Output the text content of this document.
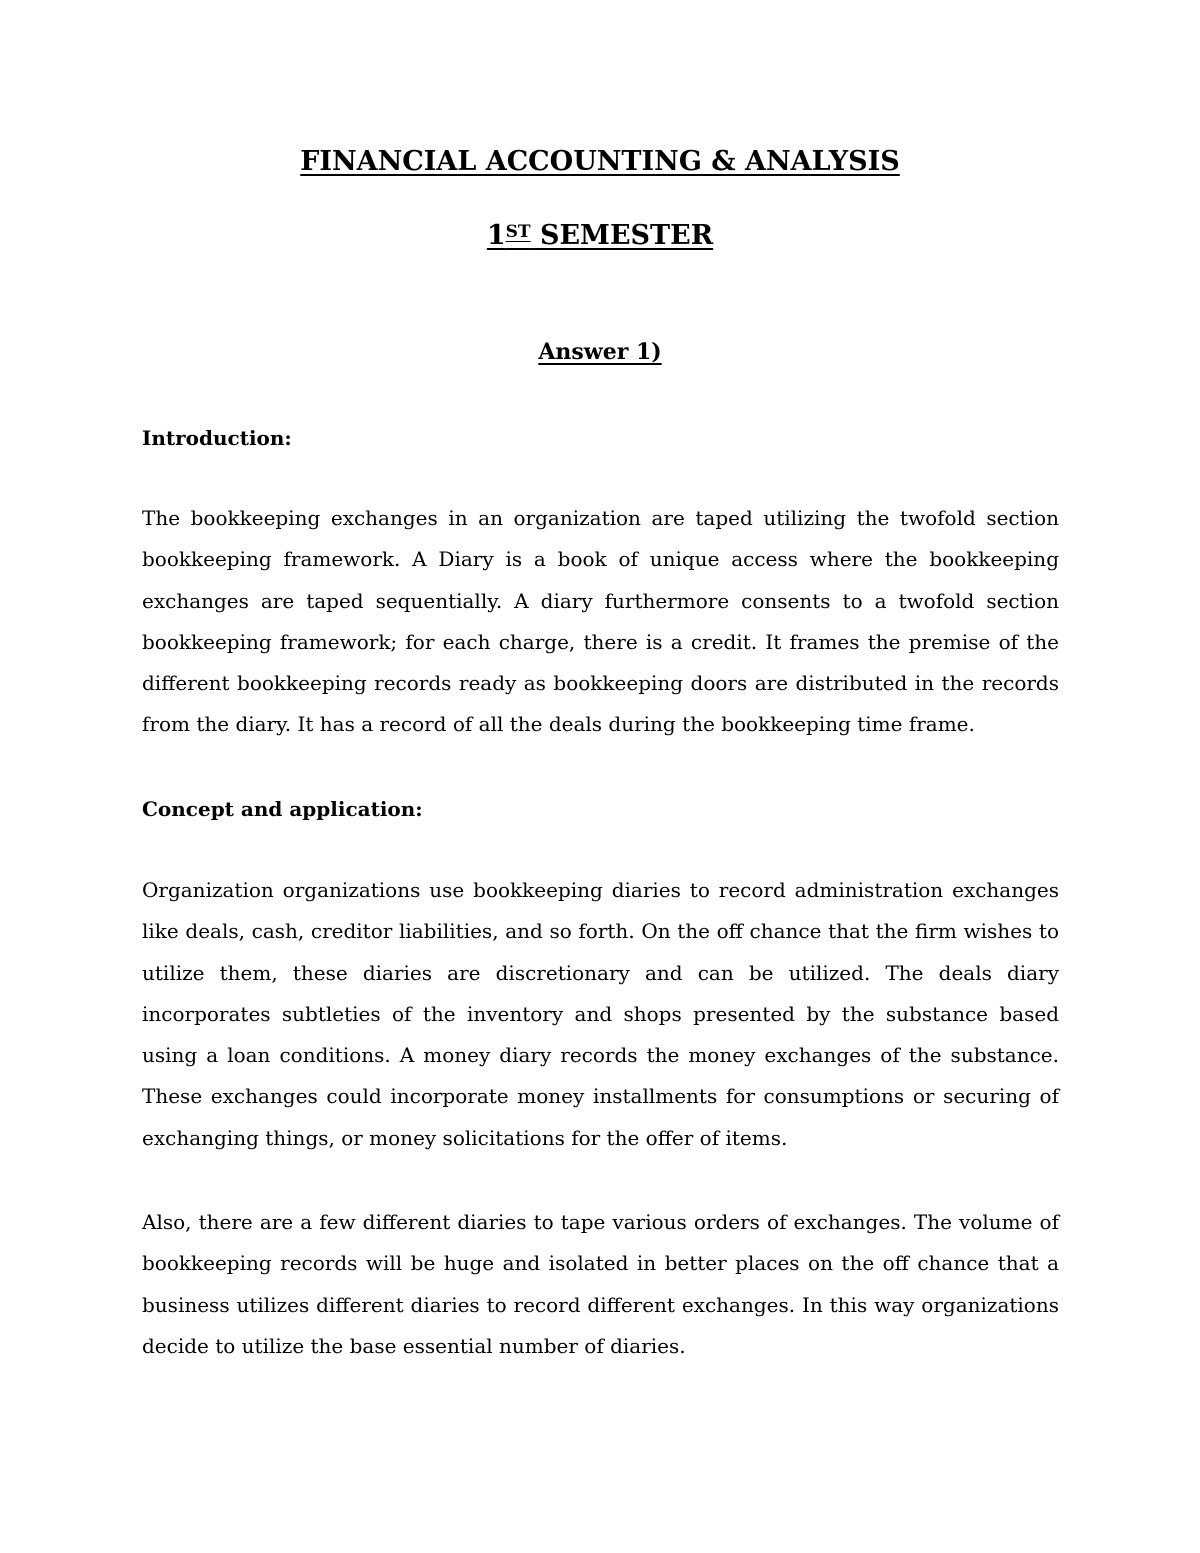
FINANCIAL ACCOUNTING & ANALYSIS
1ST SEMESTER
Answer 1)
Introduction:

The bookkeeping exchanges in an organization are taped utilizing the twofold section bookkeeping framework. A Diary is a book of unique access where the bookkeeping exchanges are taped sequentially. A diary furthermore consents to a twofold section bookkeeping framework; for each charge, there is a credit. It frames the premise of the different bookkeeping records ready as bookkeeping doors are distributed in the records from the diary. It has a record of all the deals during the bookkeeping time frame.

Concept and application:

Organization organizations use bookkeeping diaries to record administration exchanges like deals, cash, creditor liabilities, and so forth. On the off chance that the firm wishes to utilize them, these diaries are discretionary and can be utilized. The deals diary incorporates subtleties of the inventory and shops presented by the substance based using a loan conditions. A money diary records the money exchanges of the substance. These exchanges could incorporate money installments for consumptions or securing of exchanging things, or money solicitations for the offer of items.

Also, there are a few different diaries to tape various orders of exchanges. The volume of bookkeeping records will be huge and isolated in better places on the off chance that a business utilizes different diaries to record different exchanges. In this way organizations decide to utilize the base essential number of diaries.
